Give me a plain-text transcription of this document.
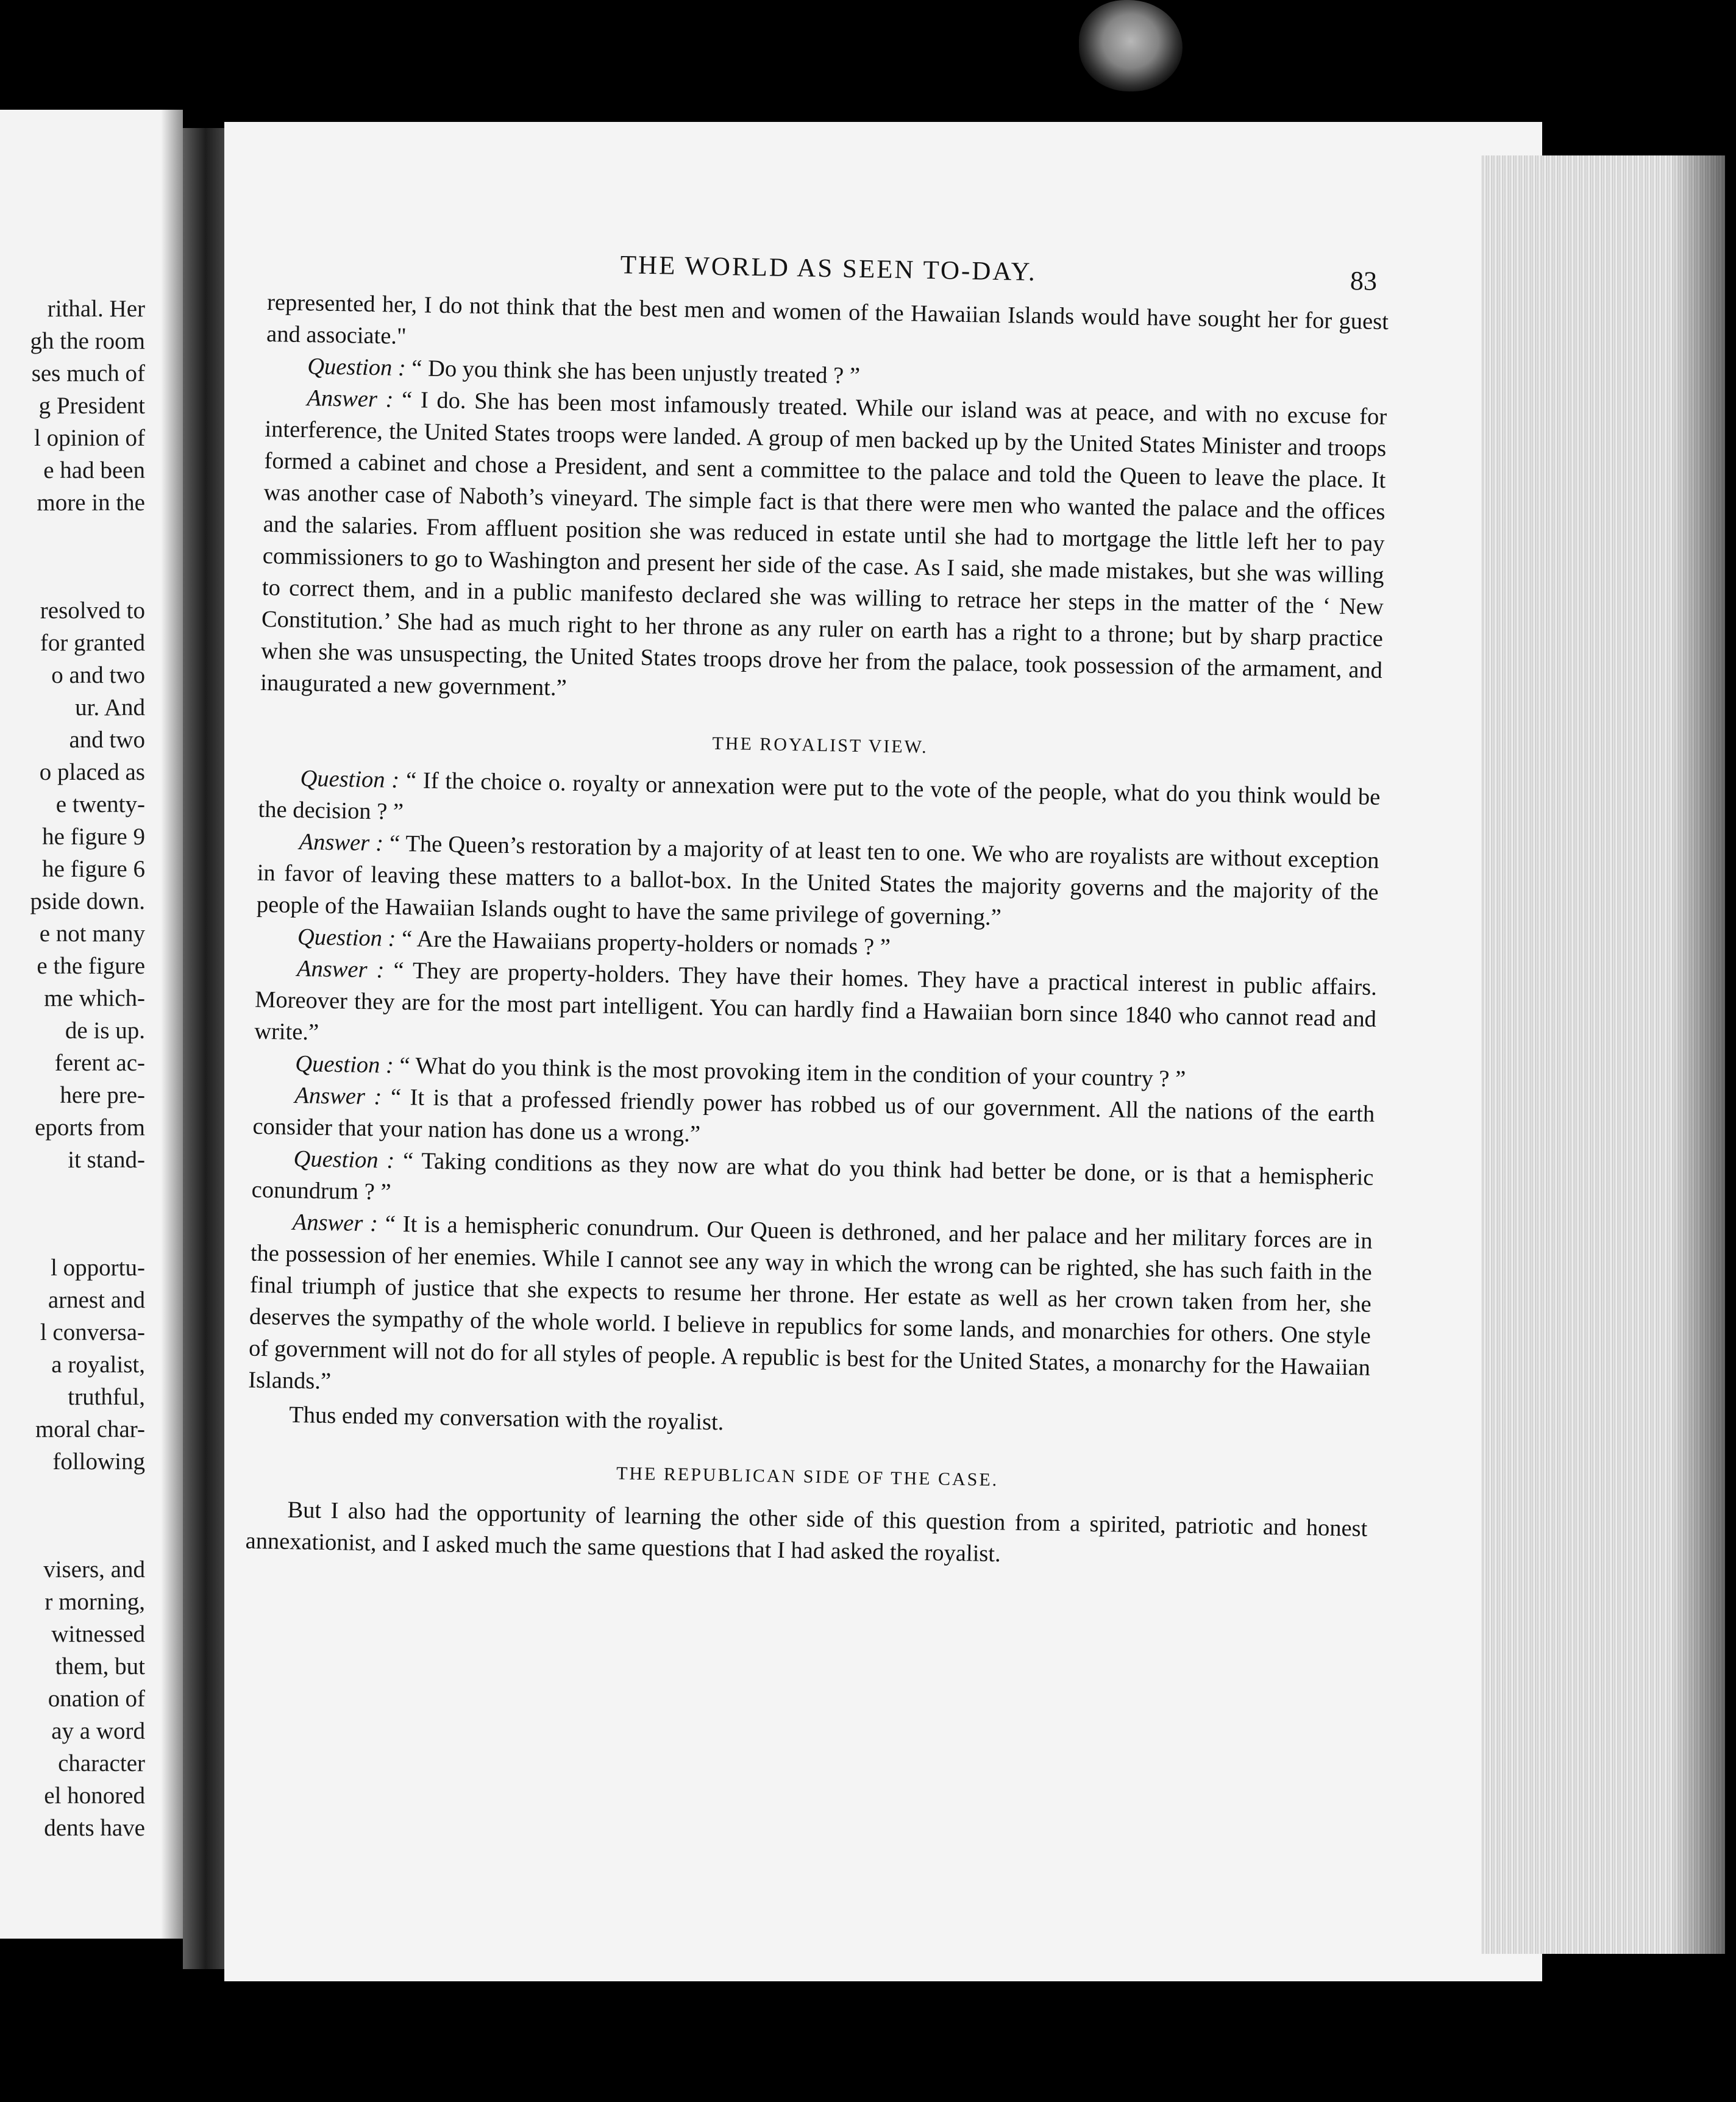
rithal. Her
gh the room
ses much of
g President
l opinion of
e had been
more in the
resolved to
for granted
o and two
ur. And
and two
o placed as
e twenty-
he figure 9
he figure 6
pside down.
e not many
e the figure
me which-
de is up.
ferent ac-
here pre-
eports from
it stand-
l opportu-
arnest and
l conversa-
a royalist,
truthful,
moral char-
following
visers, and
r morning,
witnessed
them, but
onation of
ay a word
character
el honored
dents have
THE WORLD AS SEEN TO-DAY.	83

represented her, I do not think that the best men and women of the Hawaiian Islands would have sought her for guest and associate."

Question : “ Do you think she has been unjustly treated ? ”

Answer : “ I do. She has been most infamously treated. While our island was at peace, and with no excuse for interference, the United States troops were landed. A group of men backed up by the United States Minister and troops formed a cabinet and chose a President, and sent a committee to the palace and told the Queen to leave the place. It was another case of Naboth’s vineyard. The simple fact is that there were men who wanted the palace and the offices and the salaries. From affluent position she was reduced in estate until she had to mortgage the little left her to pay commissioners to go to Washington and present her side of the case. As I said, she made mistakes, but she was willing to correct them, and in a public manifesto declared she was willing to retrace her steps in the matter of the ‘ New Constitution.’ She had as much right to her throne as any ruler on earth has a right to a throne; but by sharp practice when she was unsuspecting, the United States troops drove her from the palace, took possession of the armament, and inaugurated a new government.”

THE ROYALIST VIEW.

Question : “ If the choice o. royalty or annexation were put to the vote of the people, what do you think would be the decision ? ”

Answer : “ The Queen’s restoration by a majority of at least ten to one. We who are royalists are without exception in favor of leaving these matters to a ballot-box. In the United States the majority governs and the majority of the people of the Hawaiian Islands ought to have the same privilege of governing.”

Question : “ Are the Hawaiians property-holders or nomads ? ”

Answer : “ They are property-holders. They have their homes. They have a practical interest in public affairs. Moreover they are for the most part intelligent. You can hardly find a Hawaiian born since 1840 who cannot read and write.”

Question : “ What do you think is the most provoking item in the condition of your country ? ”

Answer : “ It is that a professed friendly power has robbed us of our government. All the nations of the earth consider that your nation has done us a wrong.”

Question : “ Taking conditions as they now are what do you think had better be done, or is that a hemispheric conundrum ? ”

Answer : “ It is a hemispheric conundrum. Our Queen is dethroned, and her palace and her military forces are in the possession of her enemies. While I cannot see any way in which the wrong can be righted, she has such faith in the final triumph of justice that she expects to resume her throne. Her estate as well as her crown taken from her, she deserves the sympathy of the whole world. I believe in republics for some lands, and monarchies for others. One style of government will not do for all styles of people. A republic is best for the United States, a monarchy for the Hawaiian Islands.”

Thus ended my conversation with the royalist.

THE REPUBLICAN SIDE OF THE CASE.

But I also had the opportunity of learning the other side of this question from a spirited, patriotic and honest annexationist, and I asked much the same questions that I had asked the royalist.
